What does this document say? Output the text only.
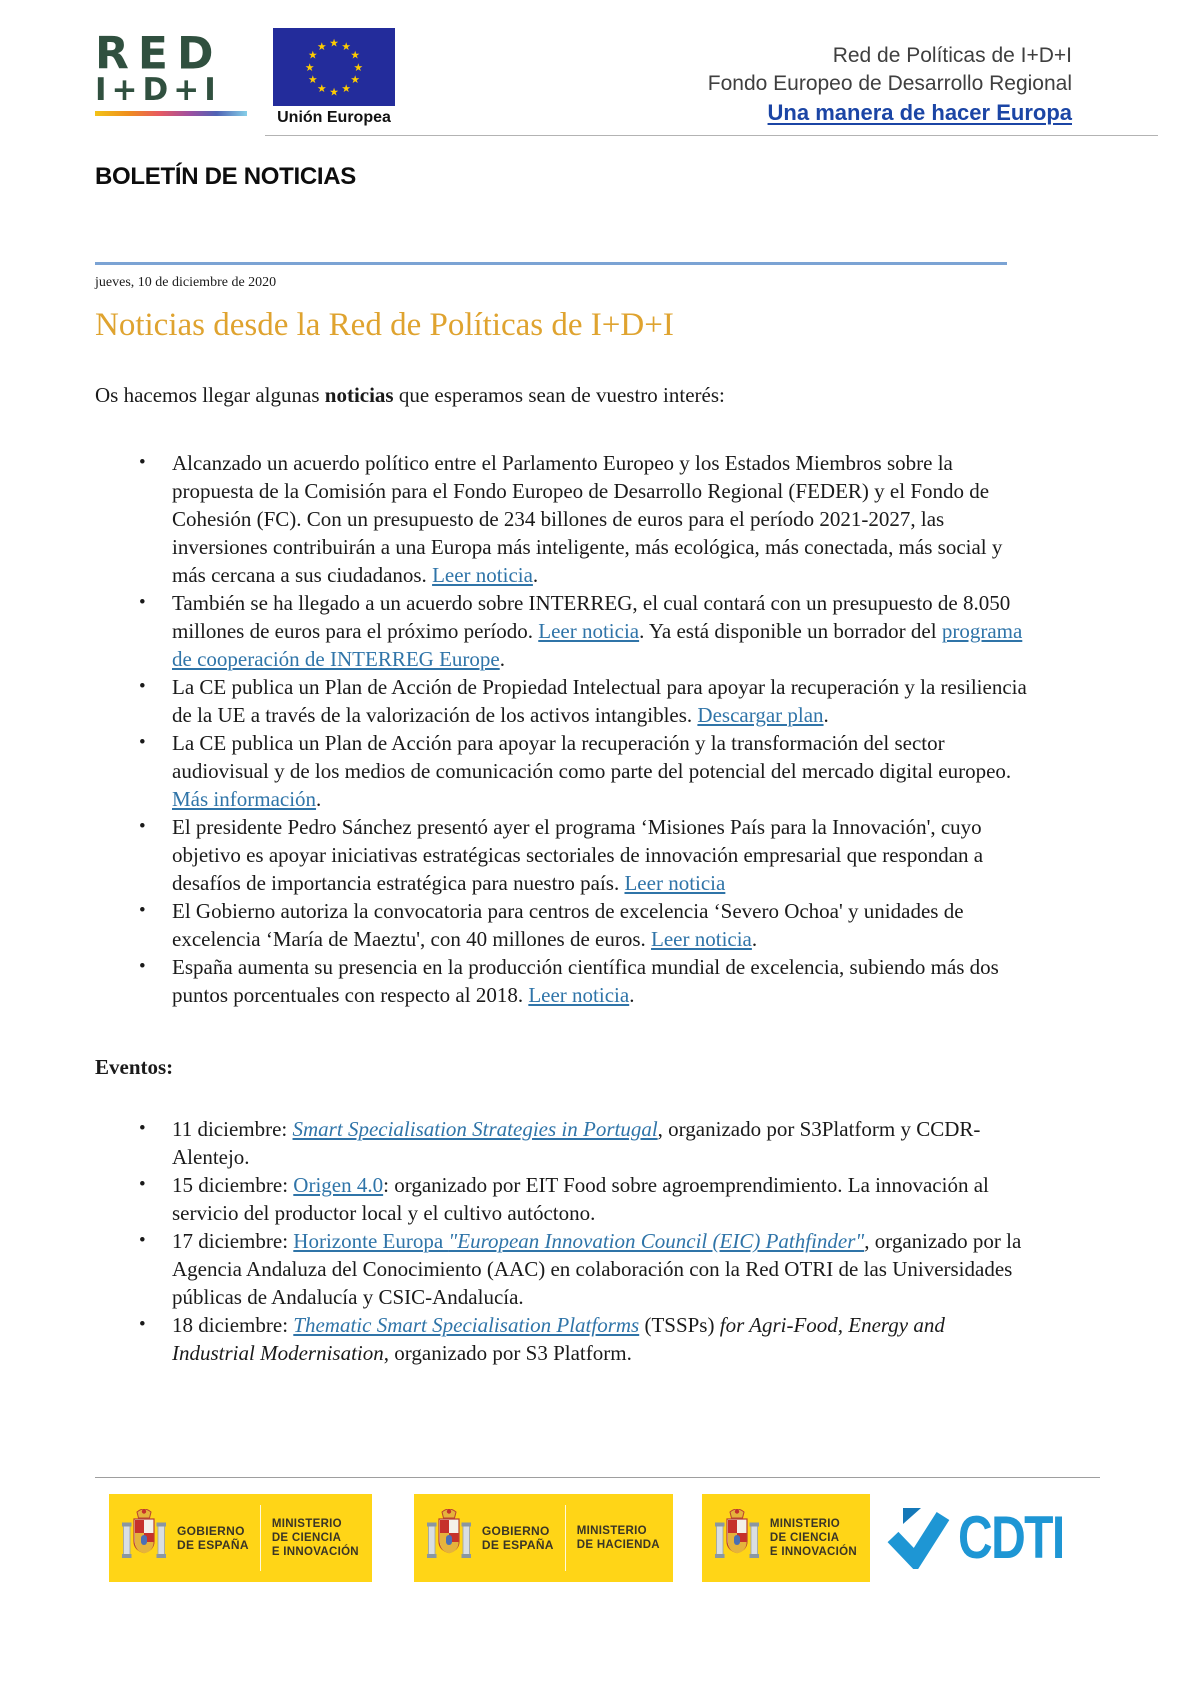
RED
I+D+I
★ ★
★
★
★
★
★
★
★
★
★
★
Unión Europea
Red de Políticas de I+D+I
Fondo Europeo de Desarrollo Regional
Una manera de hacer Europa
BOLETÍN DE NOTICIAS
jueves, 10 de diciembre de 2020
Noticias desde la Red de Políticas de I+D+I

Os hacemos llegar algunas noticias que esperamos sean de vuestro interés:

• Alcanzado un acuerdo político entre el Parlamento Europeo y los Estados Miembros sobre la propuesta de la Comisión para el Fondo Europeo de Desarrollo Regional (FEDER) y el Fondo de Cohesión (FC). Con un presupuesto de 234 billones de euros para el período 2021-2027, las inversiones contribuirán a una Europa más inteligente, más ecológica, más conectada, más social y más cercana a sus ciudadanos. Leer noticia.
• También se ha llegado a un acuerdo sobre INTERREG, el cual contará con un presupuesto de 8.050 millones de euros para el próximo período. Leer noticia. Ya está disponible un borrador del programa de cooperación de INTERREG Europe.
• La CE publica un Plan de Acción de Propiedad Intelectual para apoyar la recuperación y la resiliencia de la UE a través de la valorización de los activos intangibles. Descargar plan.
• La CE publica un Plan de Acción para apoyar la recuperación y la transformación del sector audiovisual y de los medios de comunicación como parte del potencial del mercado digital europeo. Más información.
• El presidente Pedro Sánchez presentó ayer el programa ‘Misiones País para la Innovación', cuyo objetivo es apoyar iniciativas estratégicas sectoriales de innovación empresarial que respondan a desafíos de importancia estratégica para nuestro país. Leer noticia
• El Gobierno autoriza la convocatoria para centros de excelencia ‘Severo Ochoa' y unidades de excelencia ‘María de Maeztu', con 40 millones de euros. Leer noticia.
• España aumenta su presencia en la producción científica mundial de excelencia, subiendo más dos puntos porcentuales con respecto al 2018. Leer noticia.
Eventos:
• 11 diciembre: Smart Specialisation Strategies in Portugal, organizado por S3Platform y CCDR-Alentejo.
• 15 diciembre: Origen 4.0: organizado por EIT Food sobre agroemprendimiento. La innovación al servicio del productor local y el cultivo autóctono.
• 17 diciembre: Horizonte Europa "European Innovation Council (EIC) Pathfinder", organizado por la Agencia Andaluza del Conocimiento (AAC) en colaboración con la Red OTRI de las Universidades públicas de Andalucía y CSIC-Andalucía.
• 18 diciembre: Thematic Smart Specialisation Platforms (TSSPs) for Agri-Food, Energy and Industrial Modernisation, organizado por S3 Platform.
GOBIERNO
DE ESPAÑA
MINISTERIO
DE CIENCIA
E INNOVACIÓN
GOBIERNO
DE ESPAÑA
MINISTERIO
DE HACIENDA
MINISTERIO
DE CIENCIA
E INNOVACIÓN CDTI
